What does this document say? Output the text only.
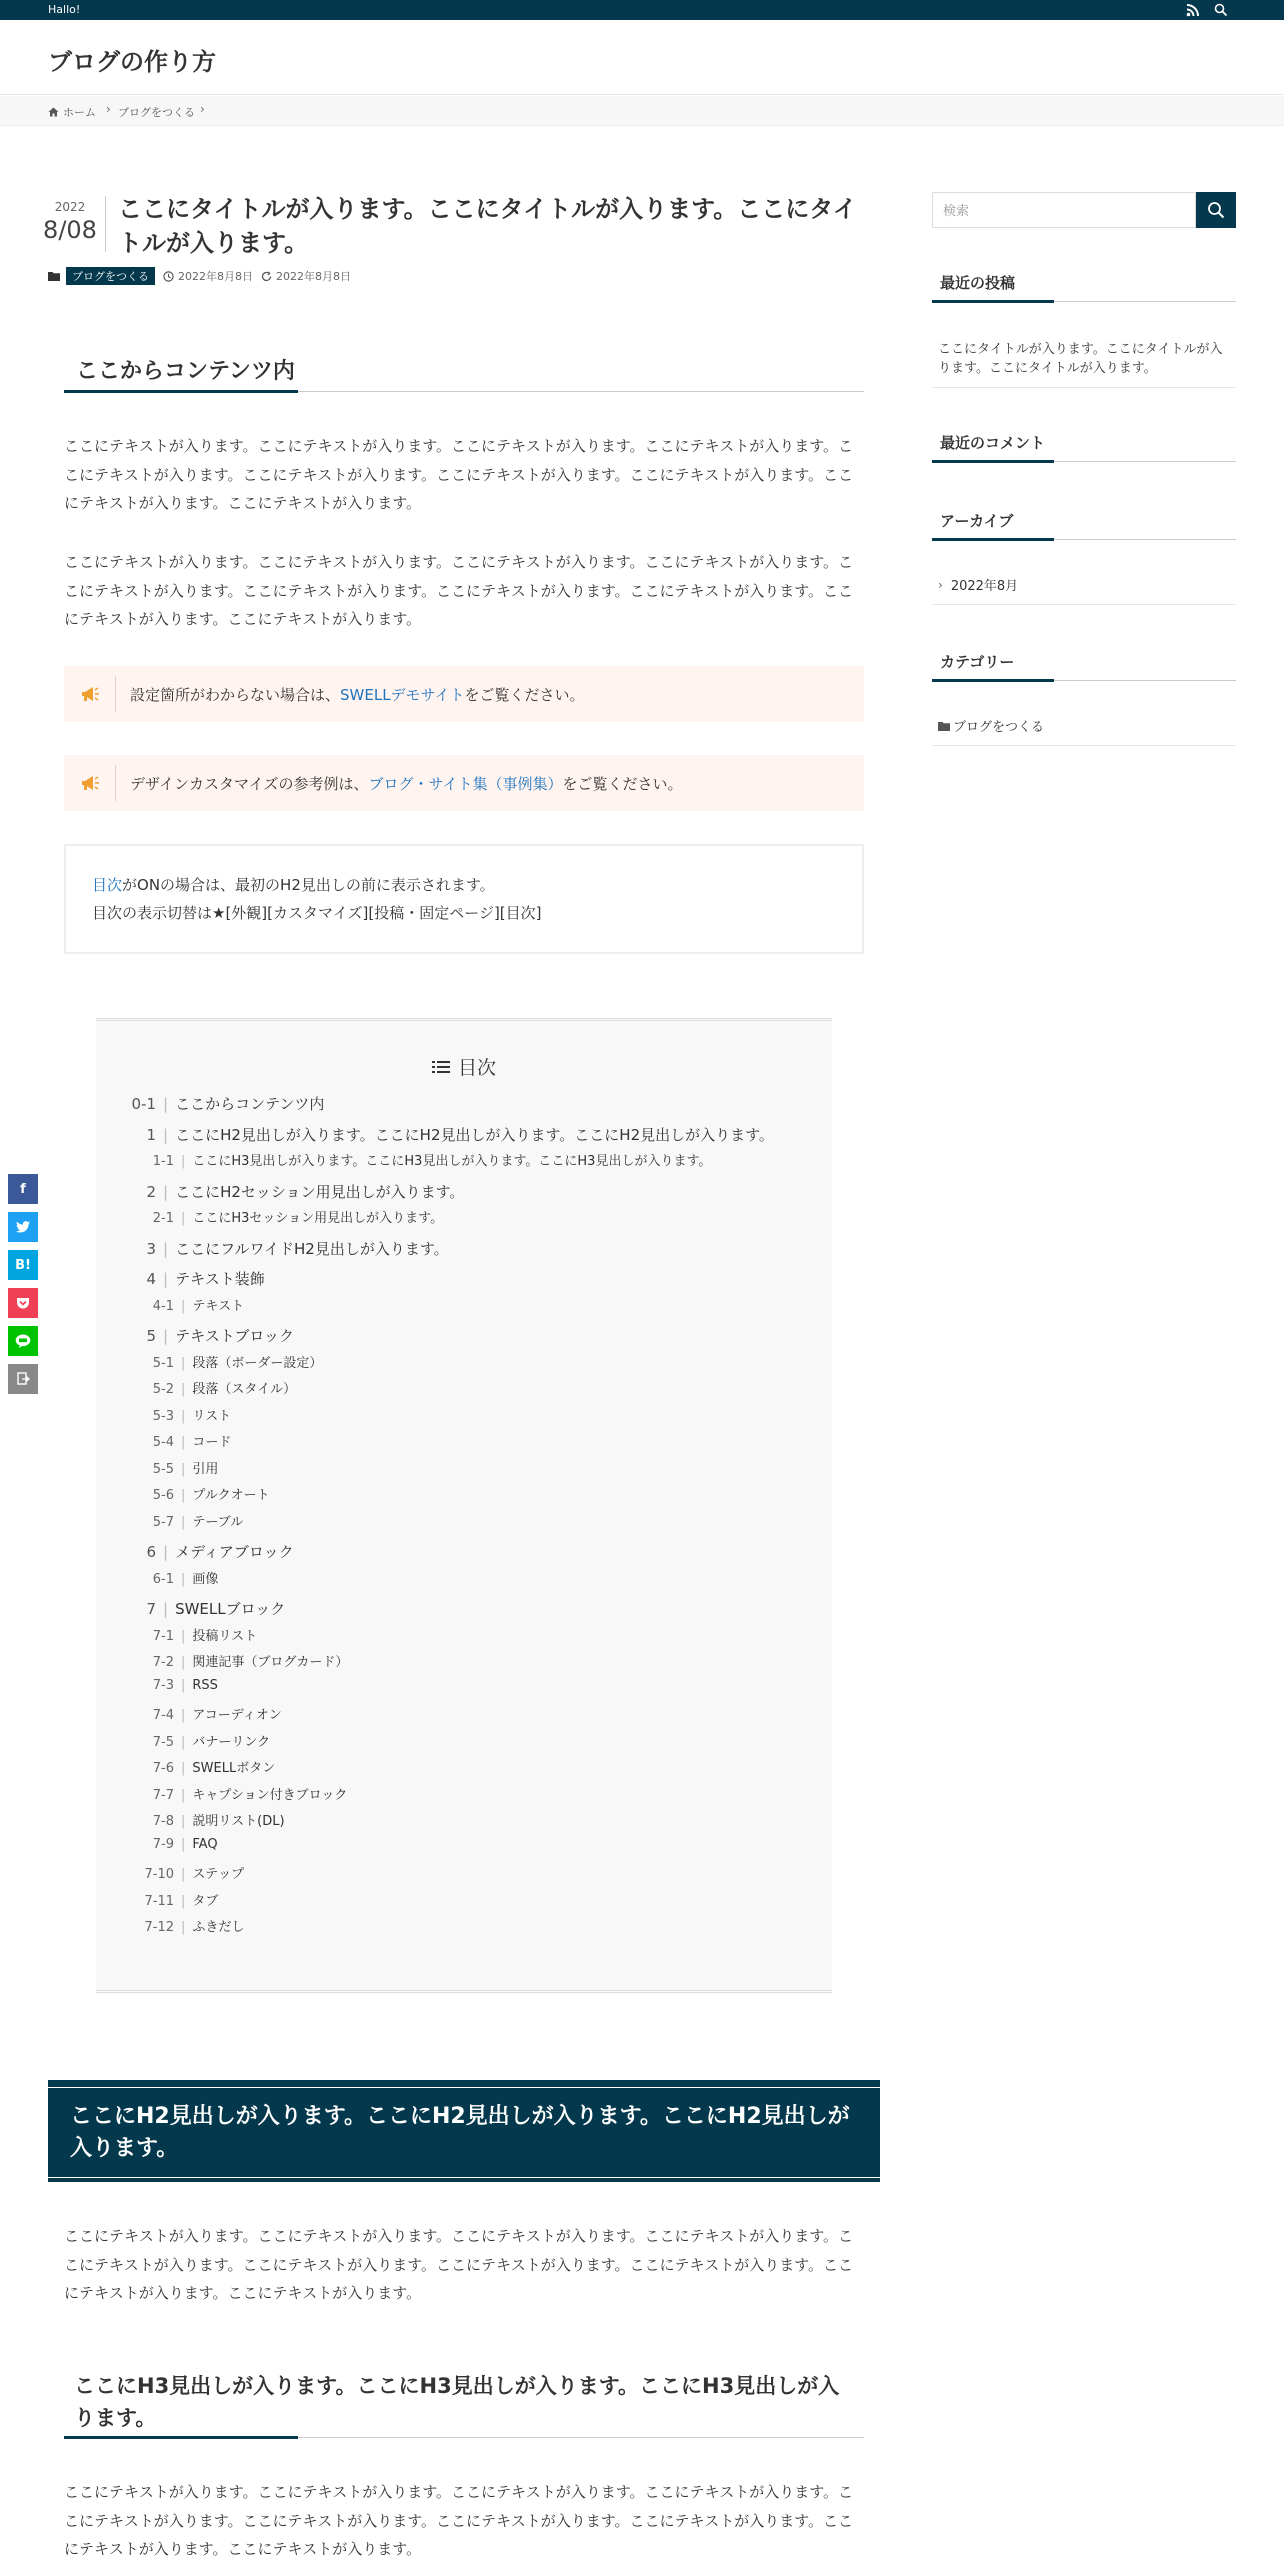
Hallo!
ブログの作り方
ホーム › ブログをつくる ›
2022
8/08
ここにタイトルが入ります。ここにタイトルが入ります。ここにタイトルが入ります。
ブログをつくる	2022年8月8日 2022年8月8日
ここからコンテンツ内

ここにテキストが入ります。ここにテキストが入ります。ここにテキストが入ります。ここにテキストが入ります。ここにテキストが入ります。ここにテキストが入ります。ここにテキストが入ります。ここにテキストが入ります。ここにテキストが入ります。ここにテキストが入ります。

ここにテキストが入ります。ここにテキストが入ります。ここにテキストが入ります。ここにテキストが入ります。ここにテキストが入ります。ここにテキストが入ります。ここにテキストが入ります。ここにテキストが入ります。ここにテキストが入ります。ここにテキストが入ります。

設定箇所がわからない場合は、SWELLデモサイトをご覧ください。
デザインカスタマイズの参考例は、ブログ・サイト集（事例集）をご覧ください。
目次がONの場合は、最初のH2見出しの前に表示されます。
目次の表示切替は★[外観][カスタマイズ][投稿・固定ページ][目次]
目次
0-1 | ここからコンテンツ内
1 | ここにH2見出しが入ります。ここにH2見出しが入ります。ここにH2見出しが入ります。
1-1 | ここにH3見出しが入ります。ここにH3見出しが入ります。ここにH3見出しが入ります。
2 | ここにH2セッション用見出しが入ります。
2-1 | ここにH3セッション用見出しが入ります。
3 | ここにフルワイドH2見出しが入ります。
4 | テキスト装飾
4-1 | テキスト
5 | テキストブロック
5-1 | 段落（ボーダー設定）
5-2 | 段落（スタイル）
5-3 | リスト
5-4 | コード
5-5 | 引用
5-6 | プルクオート
5-7 | テーブル
6 | メディアブロック
6-1 | 画像
7 | SWELLブロック
7-1 | 投稿リスト
7-2 | 関連記事（ブログカード）
7-3 | RSS
7-4 | アコーディオン
7-5 | バナーリンク
7-6 | SWELLボタン
7-7 | キャプション付きブロック
7-8 | 説明リスト(DL)
7-9 | FAQ
7-10 | ステップ
7-11 | タブ
7-12 | ふきだし
ここにH2見出しが入ります。ここにH2見出しが入ります。ここにH2見出しが入ります。

ここにテキストが入ります。ここにテキストが入ります。ここにテキストが入ります。ここにテキストが入ります。ここにテキストが入ります。ここにテキストが入ります。ここにテキストが入ります。ここにテキストが入ります。ここにテキストが入ります。ここにテキストが入ります。

ここにH3見出しが入ります。ここにH3見出しが入ります。ここにH3見出しが入ります。

ここにテキストが入ります。ここにテキストが入ります。ここにテキストが入ります。ここにテキストが入ります。ここにテキストが入ります。ここにテキストが入ります。ここにテキストが入ります。ここにテキストが入ります。ここにテキストが入ります。ここにテキストが入ります。

f
B!
検索
最近の投稿
ここにタイトルが入ります。ここにタイトルが入ります。ここにタイトルが入ります。
最近のコメント
アーカイブ
› 2022年8月
カテゴリー
ブログをつくる
